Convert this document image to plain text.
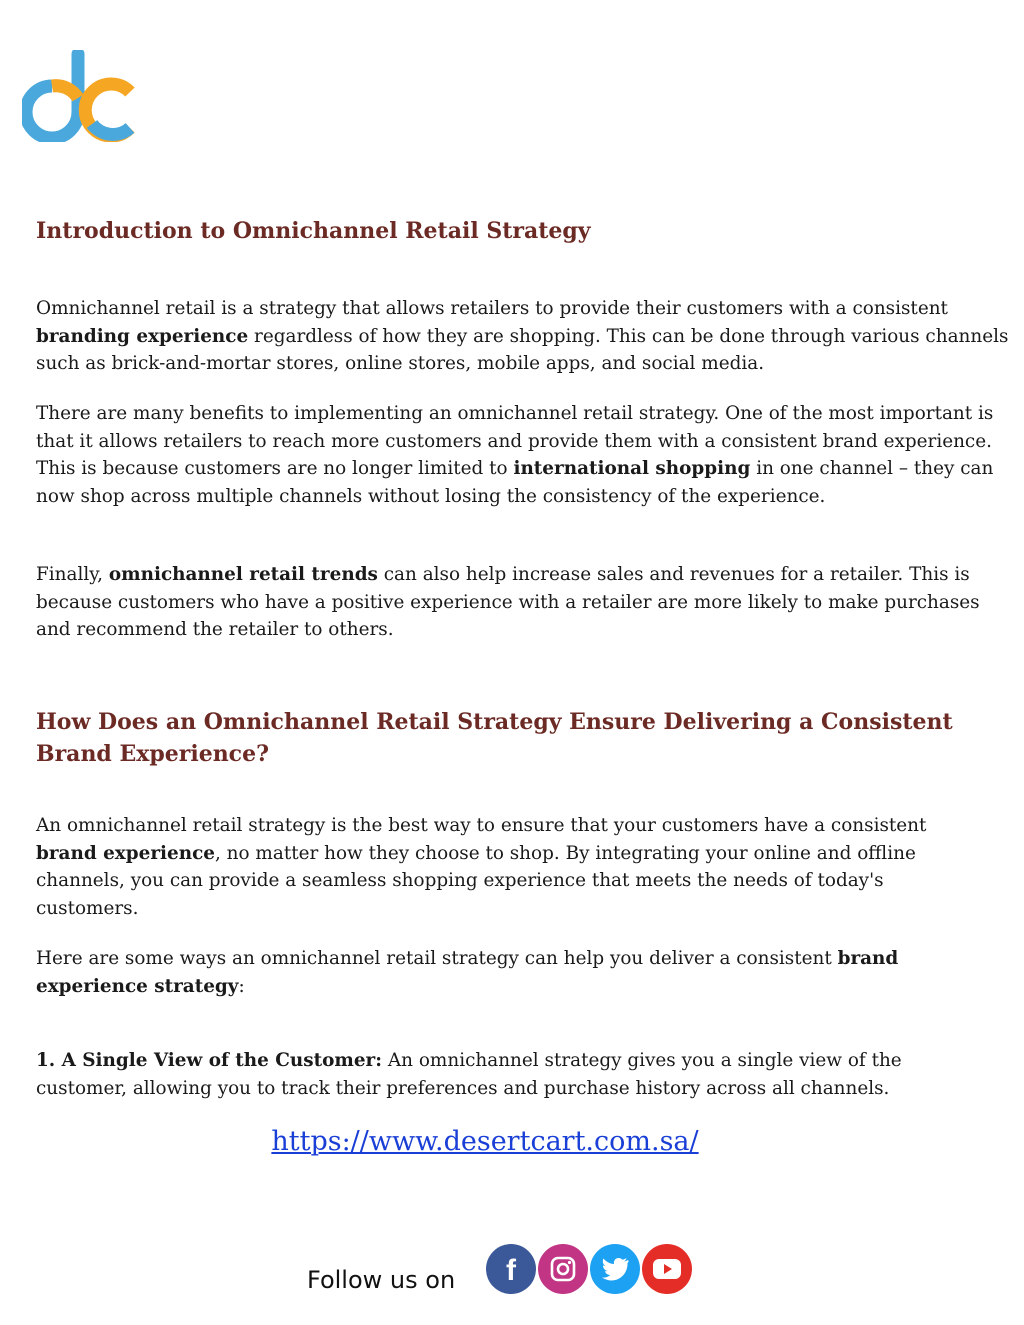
Introduction to Omnichannel Retail Strategy

Omnichannel retail is a strategy that allows retailers to provide their customers with a consistent branding experience regardless of how they are shopping. This can be done through various channels such as brick-and-mortar stores, online stores, mobile apps, and social media.

There are many benefits to implementing an omnichannel retail strategy. One of the most important is that it allows retailers to reach more customers and provide them with a consistent brand experience. This is because customers are no longer limited to international shopping in one channel – they can now shop across multiple channels without losing the consistency of the experience.

Finally, omnichannel retail trends can also help increase sales and revenues for a retailer. This is because customers who have a positive experience with a retailer are more likely to make purchases and recommend the retailer to others.

How Does an Omnichannel Retail Strategy Ensure Delivering a Consistent Brand Experience?

An omnichannel retail strategy is the best way to ensure that your customers have a consistent brand experience, no matter how they choose to shop. By integrating your online and offline channels, you can provide a seamless shopping experience that meets the needs of today's customers.

Here are some ways an omnichannel retail strategy can help you deliver a consistent brand experience strategy:

1. A Single View of the Customer: An omnichannel strategy gives you a single view of the customer, allowing you to track their preferences and purchase history across all channels.

https://www.desertcart.com.sa/
Follow us on f
